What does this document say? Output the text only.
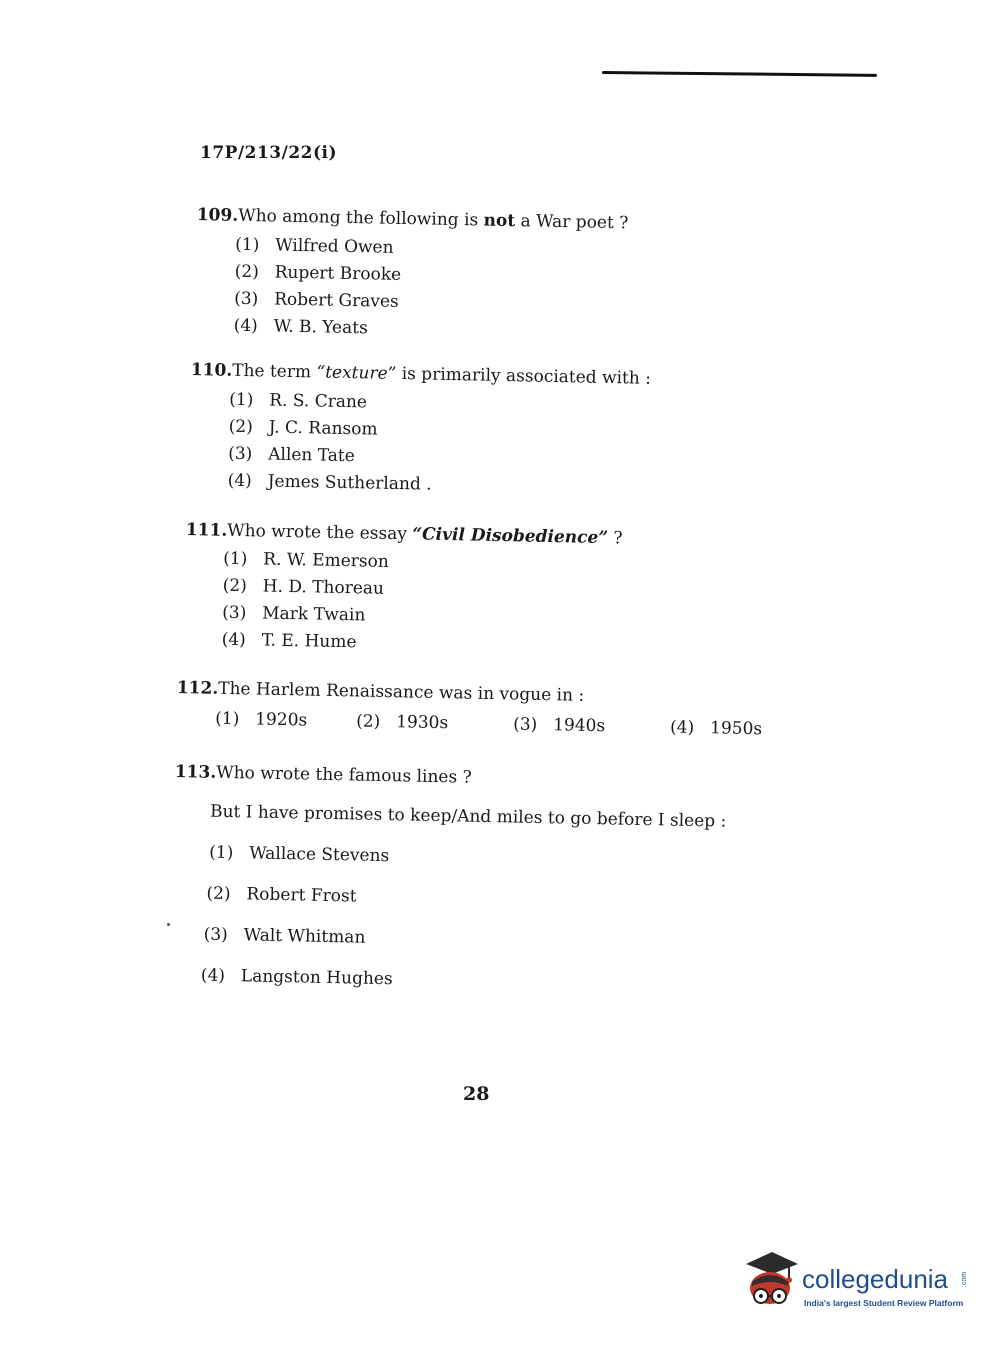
17P/213/22(i)
109.Who among the following is not a War poet ?
(1) Wilfred Owen
(2) Rupert Brooke
(3) Robert Graves
(4) W. B. Yeats
110.The term “texture” is primarily associated with :
(1) R. S. Crane
(2) J. C. Ransom
(3) Allen Tate
(4) Jemes Sutherland .
111.Who wrote the essay “Civil Disobedience” ?
(1) R. W. Emerson
(2) H. D. Thoreau
(3) Mark Twain
(4) T. E. Hume
112.The Harlem Renaissance was in vogue in :
(1) 1920s	(2) 1930s	(3) 1940s	(4) 1950s
113.Who wrote the famous lines ?
But I have promises to keep/And miles to go before I sleep :
(1) Wallace Stevens
(2) Robert Frost
(3) Walt Whitman
(4) Langston Hughes
28
collegedunia .com
India's largest Student Review Platform
